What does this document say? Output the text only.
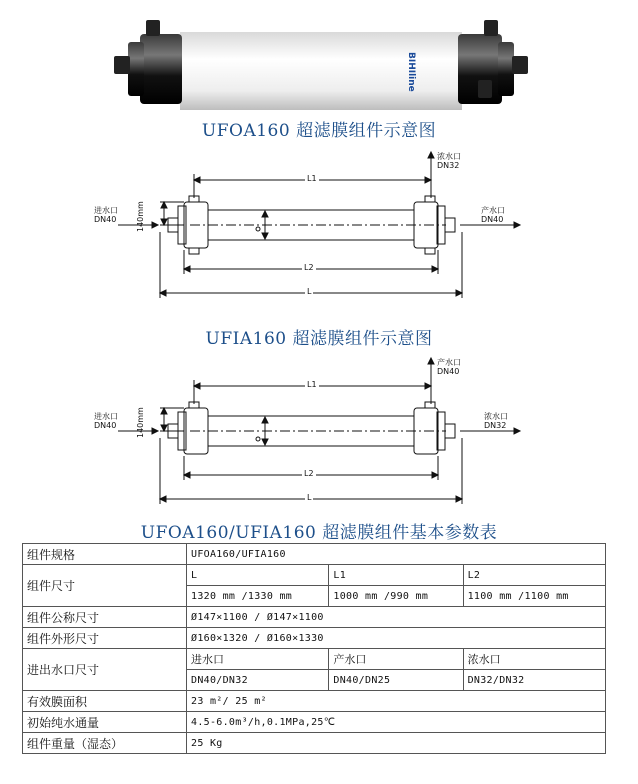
BIHIline
UFOA160 超滤膜组件示意图
L1
L2
L
140mm
进水口
DN40
浓水口
DN32
产水口
DN40
UFIA160 超滤膜组件示意图
L1
L2
L
140mm
进水口
DN40
产水口
DN40
浓水口
DN32
UFOA160/UFIA160 超滤膜组件基本参数表
组件规格	UFOA160/UFIA160		
组件尺寸	L	L1	L2
	1320 mm /1330 mm	1000 mm /990 mm	1100 mm /1100 mm
组件公称尺寸	Ø147×1100 / Ø147×1100		
组件外形尺寸	Ø160×1320 / Ø160×1330		
进出水口尺寸	进水口	产水口	浓水口
	DN40/DN32	DN40/DN25	DN32/DN32
有效膜面积	23 m²/ 25 m²		
初始纯水通量	4.5-6.0m³/h,0.1MPa,25℃		
组件重量（湿态）	25 Kg		
